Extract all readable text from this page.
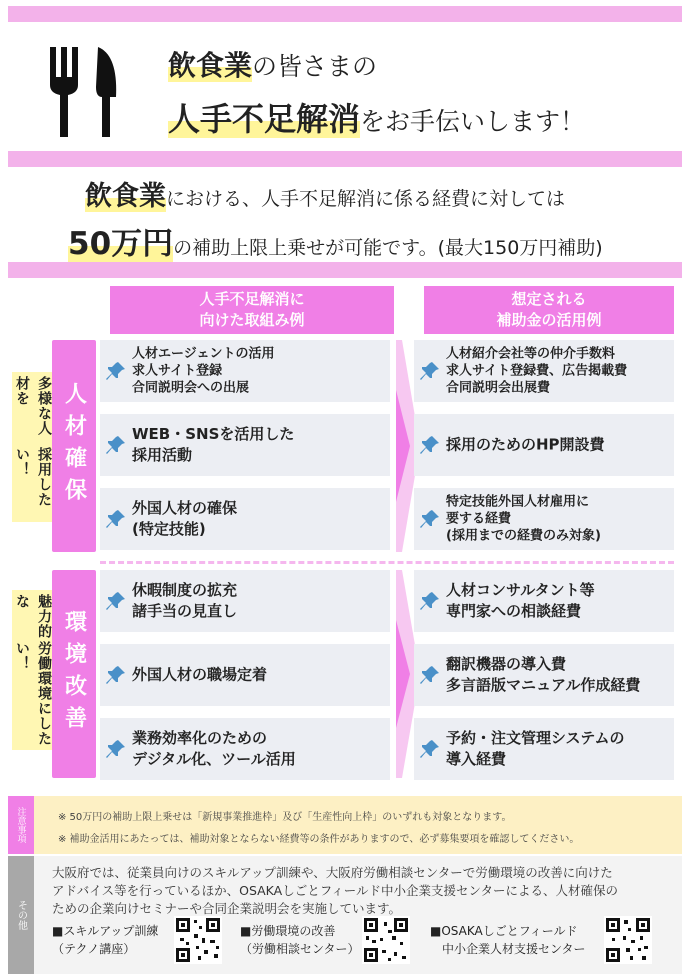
飲食業の皆さまの
人手不足解消をお手伝いします！
飲食業における、人手不足解消に係る経費に対しては
50万円の補助上限上乗せが可能です。(最大150万円補助)
人手不足解消に
向けた取組み例
想定される
補助金の活用例
多様な人材を
採用したい！
魅力的な
労働環境にしたい！
人材確保
環境改善
人材エージェントの活用
求人サイト登録
合同説明会への出展
WEB・SNSを活用した
採用活動
外国人材の確保
(特定技能)
人材紹介会社等の仲介手数料
求人サイト登録費、広告掲載費
合同説明会出展費
採用のためのHP開設費
特定技能外国人材雇用に
要する経費
(採用までの経費のみ対象)
休暇制度の拡充
諸手当の見直し
外国人材の職場定着
業務効率化のための
デジタル化、ツール活用
人材コンサルタント等
専門家への相談経費
翻訳機器の導入費
多言語版マニュアル作成経費
予約・注文管理システムの
導入経費
注意事項	※ 50万円の補助上限上乗せは「新規事業推進枠」及び「生産性向上枠」のいずれも対象となります。
※ 補助金活用にあたっては、補助対象とならない経費等の条件がありますので、必ず募集要項を確認してください。
その他
大阪府では、従業員向けのスキルアップ訓練や、大阪府労働相談センターで労働環境の改善に向けた
アドバイス等を行っているほか、OSAKAしごとフィールド中小企業支援センターによる、人材確保の
ための企業向けセミナーや合同企業説明会を実施しています。
■スキルアップ訓練
（テクノ講座）
■労働環境の改善
（労働相談センター）
■OSAKAしごとフィールド
　中小企業人材支援センター
